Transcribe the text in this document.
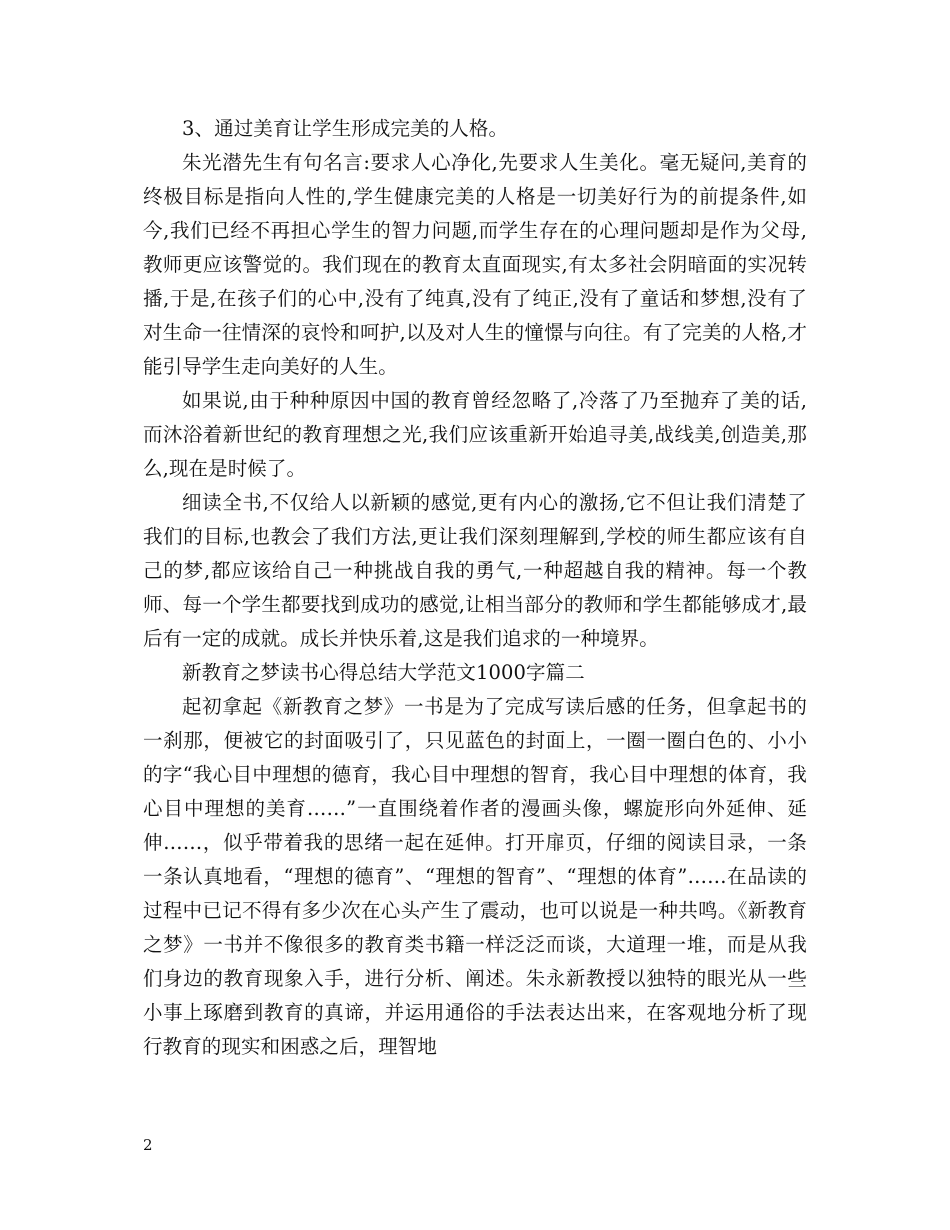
3、通过美育让学生形成完美的人格。

朱光潜先生有句名言:要求人心净化,先要求人生美化。毫无疑问,美育的终极目标是指向人性的,学生健康完美的人格是一切美好行为的前提条件,如今,我们已经不再担心学生的智力问题,而学生存在的心理问题却是作为父母,教师更应该警觉的。我们现在的教育太直面现实,有太多社会阴暗面的实况转播,于是,在孩子们的心中,没有了纯真,没有了纯正,没有了童话和梦想,没有了对生命一往情深的哀怜和呵护,以及对人生的憧憬与向往。有了完美的人格,才能引导学生走向美好的人生。

如果说,由于种种原因中国的教育曾经忽略了,冷落了乃至抛弃了美的话,而沐浴着新世纪的教育理想之光,我们应该重新开始追寻美,战线美,创造美,那么,现在是时候了。

细读全书,不仅给人以新颖的感觉,更有内心的激扬,它不但让我们清楚了我们的目标,也教会了我们方法,更让我们深刻理解到,学校的师生都应该有自己的梦,都应该给自己一种挑战自我的勇气,一种超越自我的精神。每一个教师、每一个学生都要找到成功的感觉,让相当部分的教师和学生都能够成才,最后有一定的成就。成长并快乐着,这是我们追求的一种境界。

新教育之梦读书心得总结大学范文1000字篇二

起初拿起《新教育之梦》一书是为了完成写读后感的任务，但拿起书的一刹那，便被它的封面吸引了，只见蓝色的封面上，一圈一圈白色的、小小的字“我心目中理想的德育，我心目中理想的智育，我心目中理想的体育，我心目中理想的美育……”一直围绕着作者的漫画头像，螺旋形向外延伸、延伸……，似乎带着我的思绪一起在延伸。打开扉页，仔细的阅读目录，一条一条认真地看，“理想的德育”、“理想的智育”、“理想的体育”……在品读的过程中已记不得有多少次在心头产生了震动，也可以说是一种共鸣。《新教育之梦》一书并不像很多的教育类书籍一样泛泛而谈，大道理一堆，而是从我们身边的教育现象入手，进行分析、阐述。朱永新教授以独特的眼光从一些小事上琢磨到教育的真谛，并运用通俗的手法表达出来，在客观地分析了现行教育的现实和困惑之后，理智地

2
